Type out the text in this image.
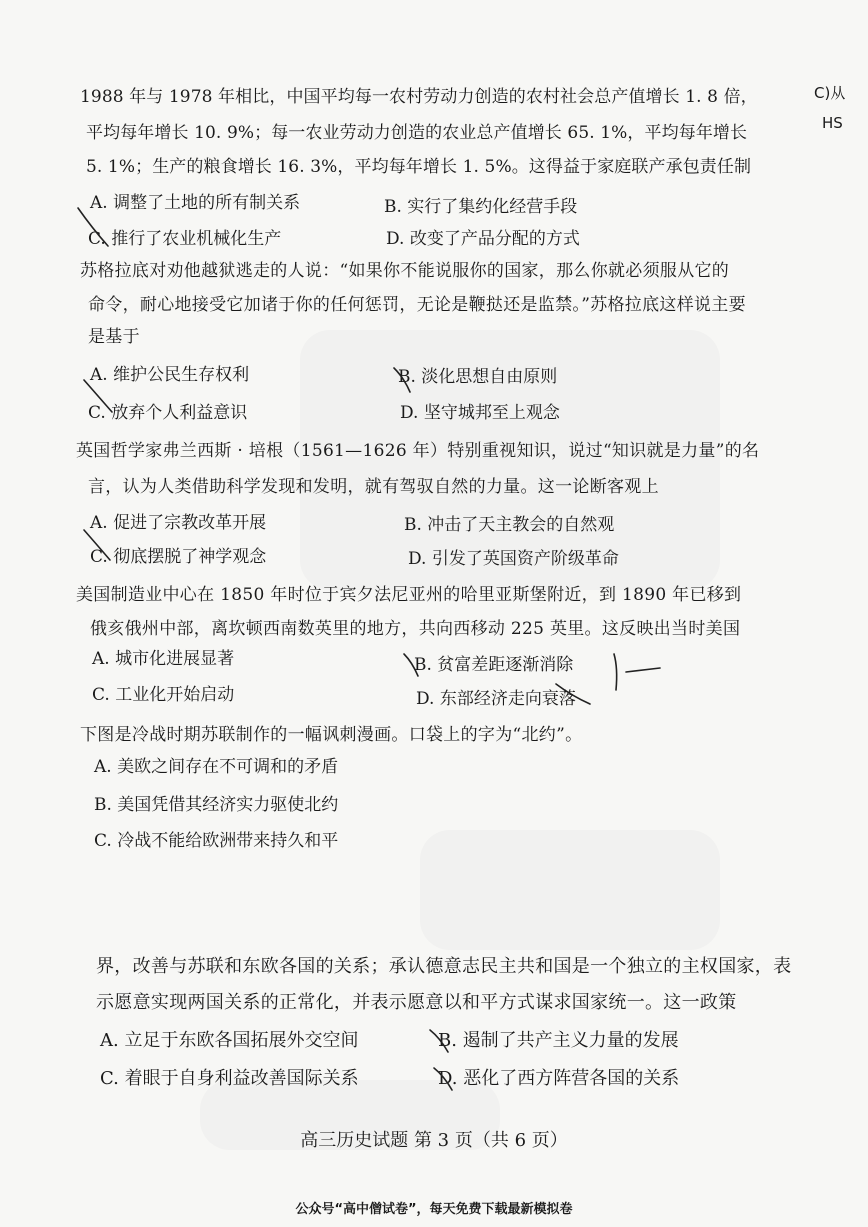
C)从
HS
1988 年与 1978 年相比，中国平均每一农村劳动力创造的农村社会总产值增长 1. 8 倍，
平均每年增长 10. 9%；每一农业劳动力创造的农业总产值增长 65. 1%，平均每年增长
5. 1%；生产的粮食增长 16. 3%，平均每年增长 1. 5%。这得益于家庭联产承包责任制
A. 调整了土地的所有制关系	B. 实行了集约化经营手段
C. 推行了农业机械化生产	D. 改变了产品分配的方式
苏格拉底对劝他越狱逃走的人说：“如果你不能说服你的国家，那么你就必须服从它的
命令，耐心地接受它加诸于你的任何惩罚，无论是鞭挞还是监禁。”苏格拉底这样说主要
是基于
A. 维护公民生存权利	B. 淡化思想自由原则
C. 放弃个人利益意识	D. 坚守城邦至上观念
英国哲学家弗兰西斯 · 培根（1561—1626 年）特别重视知识，说过“知识就是力量”的名
言，认为人类借助科学发现和发明，就有驾驭自然的力量。这一论断客观上
A. 促进了宗教改革开展	B. 冲击了天主教会的自然观
C. 彻底摆脱了神学观念	D. 引发了英国资产阶级革命
美国制造业中心在 1850 年时位于宾夕法尼亚州的哈里亚斯堡附近，到 1890 年已移到
俄亥俄州中部，离坎顿西南数英里的地方，共向西移动 225 英里。这反映出当时美国
A. 城市化进展显著	B. 贫富差距逐渐消除
C. 工业化开始启动	D. 东部经济走向衰落
下图是冷战时期苏联制作的一幅讽刺漫画。口袋上的字为“北约”。
A. 美欧之间存在不可调和的矛盾
B. 美国凭借其经济实力驱使北约
C. 冷战不能给欧洲带来持久和平
界，改善与苏联和东欧各国的关系；承认德意志民主共和国是一个独立的主权国家，表
示愿意实现两国关系的正常化，并表示愿意以和平方式谋求国家统一。这一政策
A. 立足于东欧各国拓展外交空间	B. 遏制了共产主义力量的发展
C. 着眼于自身利益改善国际关系	D. 恶化了西方阵营各国的关系
高三历史试题 第 3 页（共 6 页）
公众号“高中僧试卷”，每天免费下载最新模拟卷
